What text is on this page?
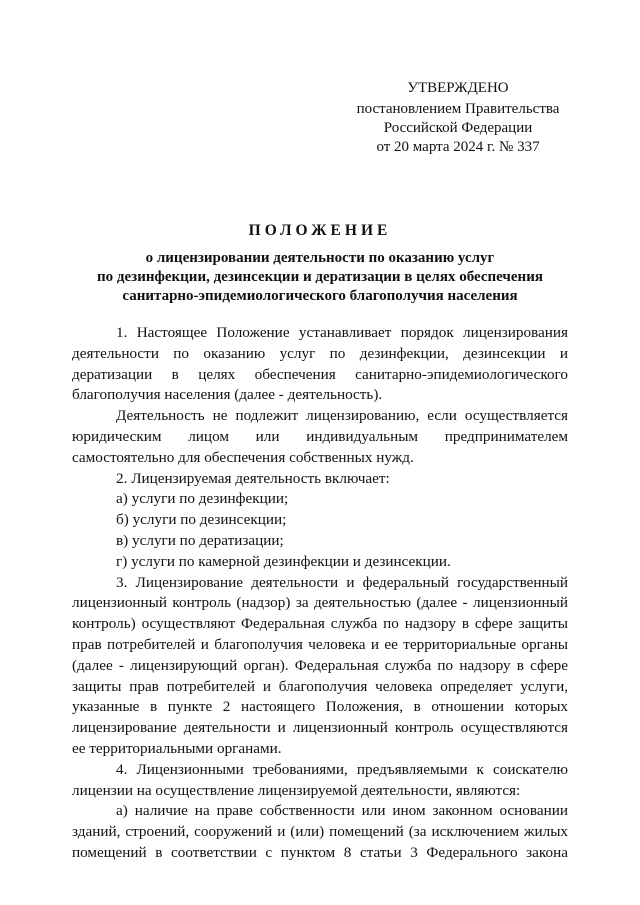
УТВЕРЖДЕНО
постановлением Правительства
Российской Федерации
от 20 марта 2024 г. № 337
ПОЛОЖЕНИЕ
о лицензировании деятельности по оказанию услуг
по дезинфекции, дезинсекции и дератизации в целях обеспечения
санитарно-эпидемиологического благополучия населения

1. Настоящее Положение устанавливает порядок лицензирования деятельности по оказанию услуг по дезинфекции, дезинсекции и дератизации в целях обеспечения санитарно-эпидемиологического благополучия населения (далее - деятельность).

Деятельность не подлежит лицензированию, если осуществляется юридическим лицом или индивидуальным предпринимателем самостоятельно для обеспечения собственных нужд.

2. Лицензируемая деятельность включает:

а) услуги по дезинфекции;

б) услуги по дезинсекции;

в) услуги по дератизации;

г) услуги по камерной дезинфекции и дезинсекции.

3. Лицензирование деятельности и федеральный государственный лицензионный контроль (надзор) за деятельностью (далее - лицензионный контроль) осуществляют Федеральная служба по надзору в сфере защиты прав потребителей и благополучия человека и ее территориальные органы (далее - лицензирующий орган). Федеральная служба по надзору в сфере защиты прав потребителей и благополучия человека определяет услуги, указанные в пункте 2 настоящего Положения, в отношении которых лицензирование деятельности и лицензионный контроль осуществляются ее территориальными органами.

4. Лицензионными требованиями, предъявляемыми к соискателю лицензии на осуществление лицензируемой деятельности, являются:

а) наличие на праве собственности или ином законном основании зданий, строений, сооружений и (или) помещений (за исключением жилых помещений в соответствии с пунктом 8 статьи 3 Федерального закона
